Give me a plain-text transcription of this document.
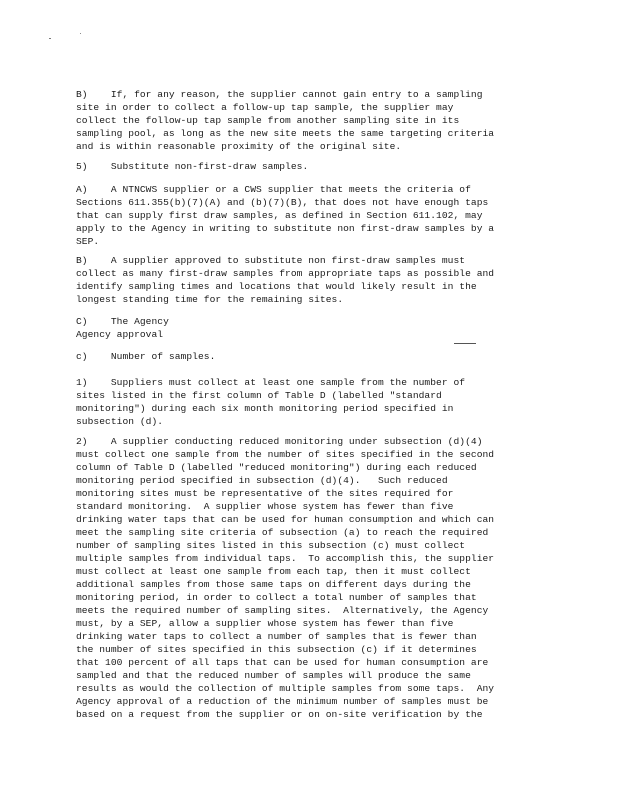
B)    If, for any reason, the supplier cannot gain entry to a sampling
site in order to collect a follow-up tap sample, the supplier may
collect the follow-up tap sample from another sampling site in its
sampling pool, as long as the new site meets the same targeting criteria
and is within reasonable proximity of the original site.
5)    Substitute non-first-draw samples.
A)    A NTNCWS supplier or a CWS supplier that meets the criteria of
Sections 611.355(b)(7)(A) and (b)(7)(B), that does not have enough taps
that can supply first draw samples, as defined in Section 611.102, may
apply to the Agency in writing to substitute non first-draw samples by a
SEP.
B)    A supplier approved to substitute non first-draw samples must
collect as many first-draw samples from appropriate taps as possible and
identify sampling times and locations that would likely result in the
longest standing time for the remaining sites.
C)    The Agency
Agency approval
c)    Number of samples.
1)    Suppliers must collect at least one sample from the number of
sites listed in the first column of Table D (labelled "standard
monitoring") during each six month monitoring period specified in
subsection (d).
2)    A supplier conducting reduced monitoring under subsection (d)(4)
must collect one sample from the number of sites specified in the second
column of Table D (labelled "reduced monitoring") during each reduced
monitoring period specified in subsection (d)(4).   Such reduced
monitoring sites must be representative of the sites required for
standard monitoring.  A supplier whose system has fewer than five
drinking water taps that can be used for human consumption and which can
meet the sampling site criteria of subsection (a) to reach the required
number of sampling sites listed in this subsection (c) must collect
multiple samples from individual taps.  To accomplish this, the supplier
must collect at least one sample from each tap, then it must collect
additional samples from those same taps on different days during the
monitoring period, in order to collect a total number of samples that
meets the required number of sampling sites.  Alternatively, the Agency
must, by a SEP, allow a supplier whose system has fewer than five
drinking water taps to collect a number of samples that is fewer than
the number of sites specified in this subsection (c) if it determines
that 100 percent of all taps that can be used for human consumption are
sampled and that the reduced number of samples will produce the same
results as would the collection of multiple samples from some taps.  Any
Agency approval of a reduction of the minimum number of samples must be
based on a request from the supplier or on on-site verification by the
